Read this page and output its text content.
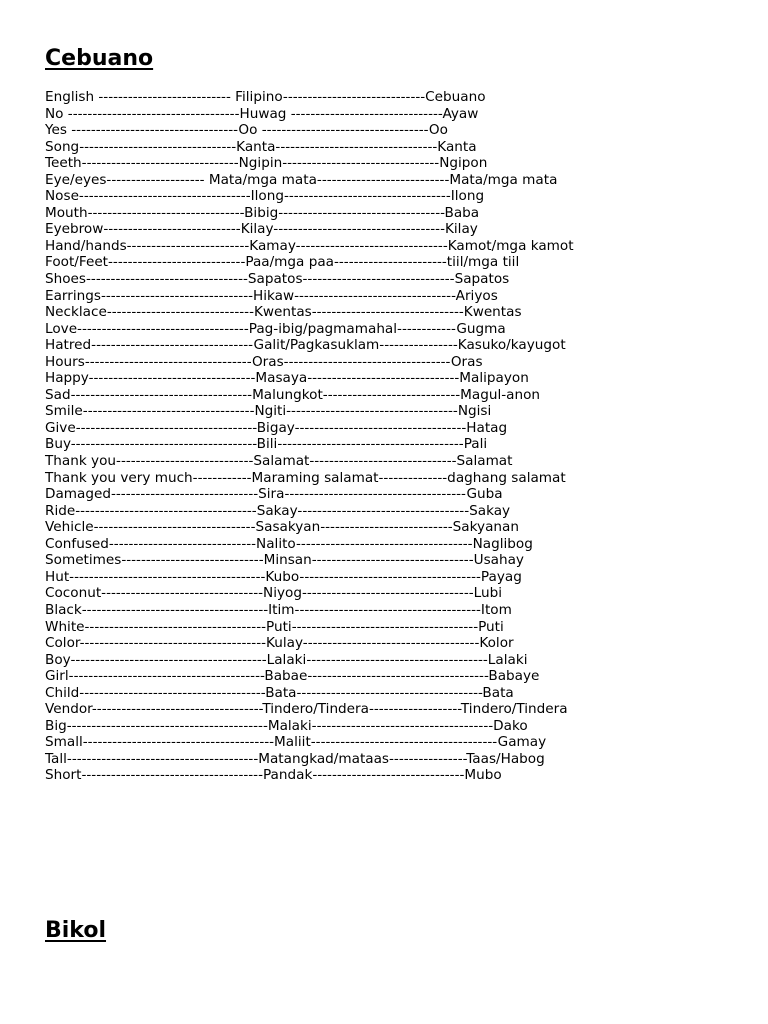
Cebuano
English --------------------------- Filipino-----------------------------Cebuano
No -----------------------------------Huwag -------------------------------Ayaw
Yes ----------------------------------Oo ----------------------------------Oo
Song--------------------------------Kanta---------------------------------Kanta
Teeth--------------------------------Ngipin--------------------------------Ngipon
Eye/eyes-------------------- Mata/mga mata---------------------------Mata/mga mata
Nose-----------------------------------Ilong----------------------------------Ilong
Mouth--------------------------------Bibig----------------------------------Baba
Eyebrow----------------------------Kilay-----------------------------------Kilay
Hand/hands-------------------------Kamay-------------------------------Kamot/mga kamot
Foot/Feet----------------------------Paa/mga paa-----------------------tiil/mga tiil
Shoes---------------------------------Sapatos-------------------------------Sapatos
Earrings-------------------------------Hikaw---------------------------------Ariyos
Necklace------------------------------Kwentas-------------------------------Kwentas
Love-----------------------------------Pag-ibig/pagmamahal------------Gugma
Hatred---------------------------------Galit/Pagkasuklam----------------Kasuko/kayugot
Hours----------------------------------Oras----------------------------------Oras
Happy----------------------------------Masaya-------------------------------Malipayon
Sad-------------------------------------Malungkot----------------------------Magul-anon
Smile-----------------------------------Ngiti-----------------------------------Ngisi
Give-------------------------------------Bigay-----------------------------------Hatag
Buy--------------------------------------Bili--------------------------------------Pali
Thank you----------------------------Salamat------------------------------Salamat
Thank you very much------------Maraming salamat--------------daghang salamat
Damaged------------------------------Sira-------------------------------------Guba
Ride-------------------------------------Sakay-----------------------------------Sakay
Vehicle---------------------------------Sasakyan---------------------------Sakyanan
Confused------------------------------Nalito------------------------------------Naglibog
Sometimes-----------------------------Minsan---------------------------------Usahay
Hut----------------------------------------Kubo-------------------------------------Payag
Coconut---------------------------------Niyog-----------------------------------Lubi
Black--------------------------------------Itim--------------------------------------Itom
White-------------------------------------Puti--------------------------------------Puti
Color--------------------------------------Kulay------------------------------------Kolor
Boy----------------------------------------Lalaki-------------------------------------Lalaki
Girl----------------------------------------Babae-------------------------------------Babaye
Child--------------------------------------Bata--------------------------------------Bata
Vendor-----------------------------------Tindero/Tindera-------------------Tindero/Tindera
Big-----------------------------------------Malaki-------------------------------------Dako
Small---------------------------------------Maliit--------------------------------------Gamay
Tall---------------------------------------Matangkad/mataas----------------Taas/Habog
Short-------------------------------------Pandak-------------------------------Mubo
Bikol
